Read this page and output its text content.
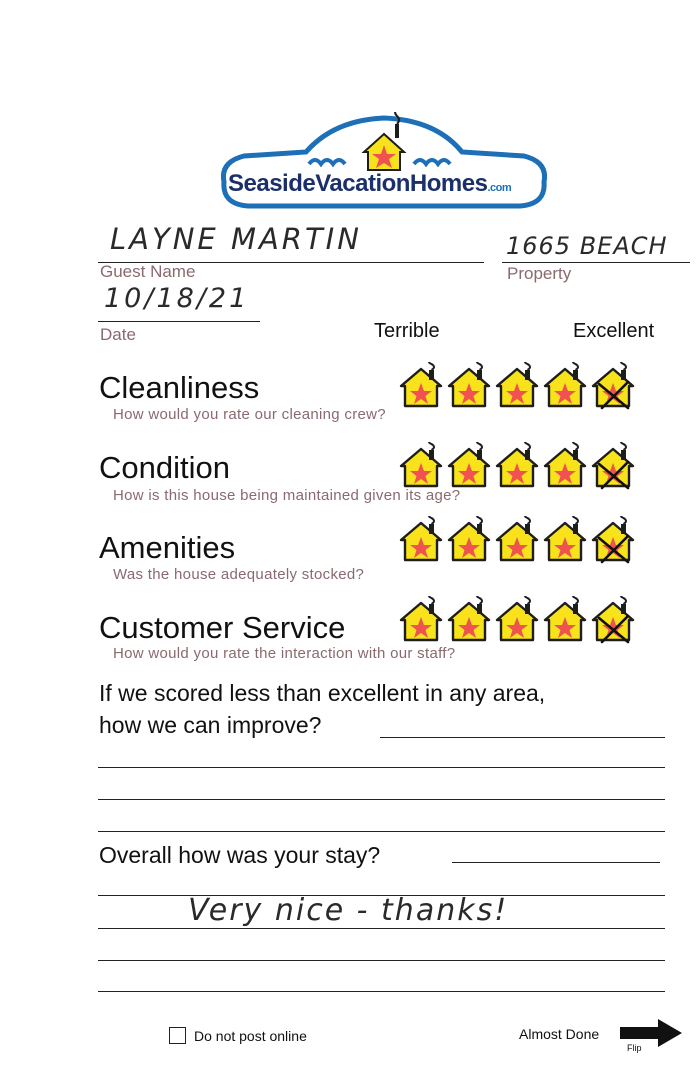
SeasideVacationHomes.com
LAYNE MARTIN
Guest Name
1665 BEACH
Property
10/18/21
Date	Terrible	Excellent
Cleanliness
How would you rate our cleaning crew?
Condition
How is this house being maintained given its age?
Amenities
Was the house adequately stocked?
Customer Service
How would you rate the interaction with our staff?
If we scored less than excellent in any area,
how we can improve?
Overall how was your stay?
Very nice - thanks!
Do not post online	Almost Done
Flip
